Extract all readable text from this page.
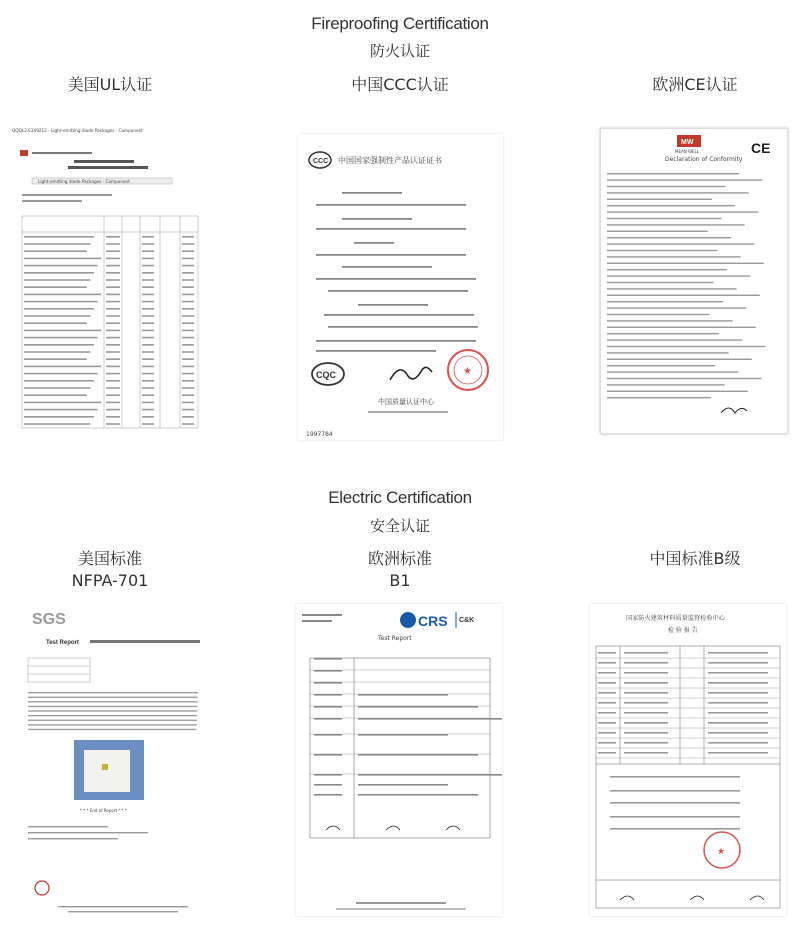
Fireproofing Certification
防火认证
美国UL认证	中国CCC认证	欧洲CE认证
QQQL2.E349212 - Light-emitting diode Packages - Component
Light-emitting diode Packages - Component
CCC 中国国家强制性产品认证证书
CQC	★
中国质量认证中心
1997784
MW
MEAN WELL
Declaration of Conformity
CE
Electric Certification
安全认证
美国标准
NFPA-701
欧洲标准
B1
中国标准B级
SGS
Test Report
* * * End of Report * * *
CRS C&K
Test Report
国家防火建筑材料质量监督检验中心
检 验 报 告
★
